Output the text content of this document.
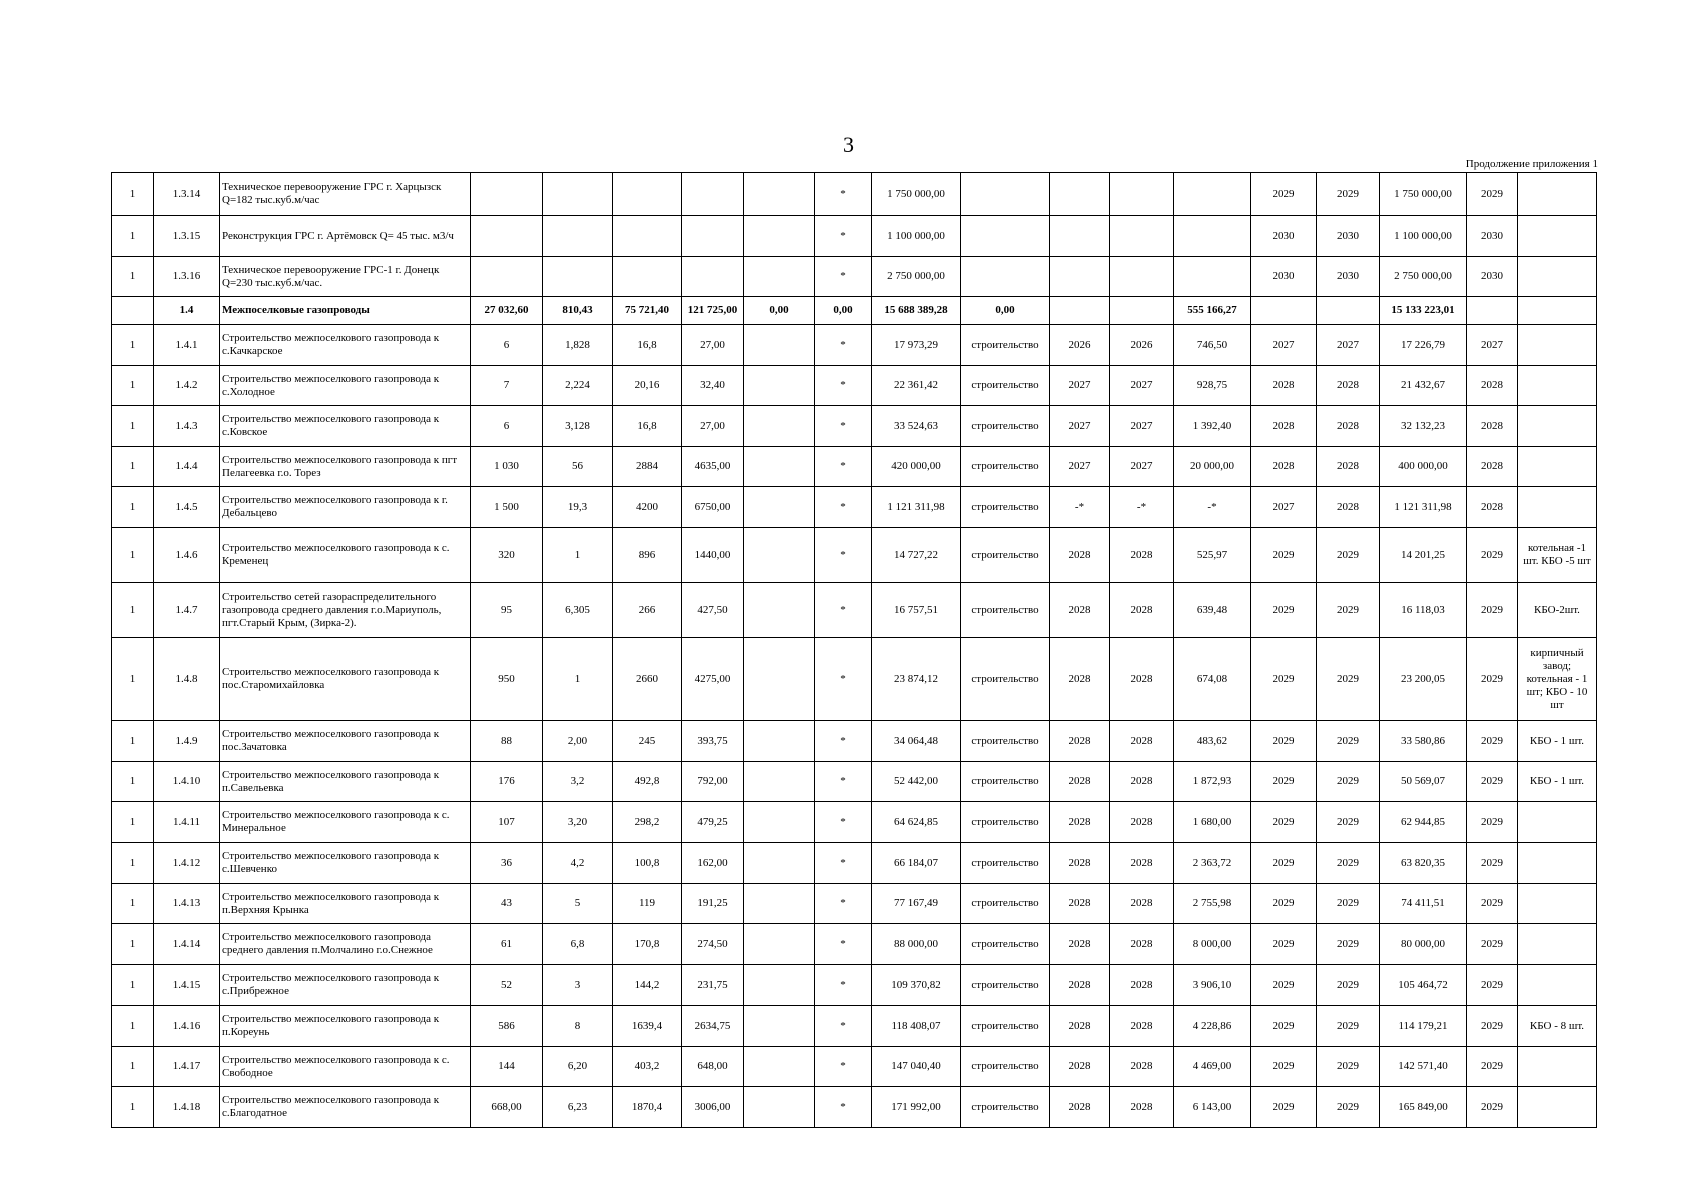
3
Продолжение приложения 1
1	1.3.14	Техническое перевооружение ГРС г. Харцызск Q=182 тыс.куб.м/час						*	1 750 000,00					2029	2029	1 750 000,00	2029	
1	1.3.15	Реконструкция ГРС г. Артёмовск Q= 45 тыс. м3/ч						*	1 100 000,00					2030	2030	1 100 000,00	2030	
1	1.3.16	Техническое перевооружение ГРС-1 г. Донецк Q=230 тыс.куб.м/час.						*	2 750 000,00					2030	2030	2 750 000,00	2030	
	1.4	Межпоселковые газопроводы	27 032,60	810,43	75 721,40	121 725,00	0,00	0,00	15 688 389,28	0,00			555 166,27			15 133 223,01		
1	1.4.1	Строительство межпоселкового газопровода к с.Качкарское	6	1,828	16,8	27,00		*	17 973,29	строительство	2026	2026	746,50	2027	2027	17 226,79	2027	
1	1.4.2	Строительство межпоселкового газопровода к с.Холодное	7	2,224	20,16	32,40		*	22 361,42	строительство	2027	2027	928,75	2028	2028	21 432,67	2028	
1	1.4.3	Строительство межпоселкового газопровода к с.Ковское	6	3,128	16,8	27,00		*	33 524,63	строительство	2027	2027	1 392,40	2028	2028	32 132,23	2028	
1	1.4.4	Строительство межпоселкового газопровода к пгт Пелагеевка г.о. Торез	1 030	56	2884	4635,00		*	420 000,00	строительство	2027	2027	20 000,00	2028	2028	400 000,00	2028	
1	1.4.5	Строительство межпоселкового газопровода к г. Дебальцево	1 500	19,3	4200	6750,00		*	1 121 311,98	строительство	-*	-*	-*	2027	2028	1 121 311,98	2028	
1	1.4.6	Строительство межпоселкового газопровода к с. Кременец	320	1	896	1440,00		*	14 727,22	строительство	2028	2028	525,97	2029	2029	14 201,25	2029	котельная -1 шт. КБО -5 шт
1	1.4.7	Строительство сетей газораспределительного газопровода среднего давления г.о.Мариуполь, пгт.Старый Крым, (Зирка-2).	95	6,305	266	427,50		*	16 757,51	строительство	2028	2028	639,48	2029	2029	16 118,03	2029	КБО-2шт.
1	1.4.8	Строительство межпоселкового газопровода к пос.Старомихайловка	950	1	2660	4275,00		*	23 874,12	строительство	2028	2028	674,08	2029	2029	23 200,05	2029	кирпичный завод; котельная - 1 шт; КБО - 10 шт
1	1.4.9	Строительство межпоселкового газопровода к пос.Зачатовка	88	2,00	245	393,75		*	34 064,48	строительство	2028	2028	483,62	2029	2029	33 580,86	2029	КБО - 1 шт.
1	1.4.10	Строительство межпоселкового газопровода к п.Савельевка	176	3,2	492,8	792,00		*	52 442,00	строительство	2028	2028	1 872,93	2029	2029	50 569,07	2029	КБО - 1 шт.
1	1.4.11	Строительство межпоселкового газопровода к с. Минеральное	107	3,20	298,2	479,25		*	64 624,85	строительство	2028	2028	1 680,00	2029	2029	62 944,85	2029	
1	1.4.12	Строительство межпоселкового газопровода к с.Шевченко	36	4,2	100,8	162,00		*	66 184,07	строительство	2028	2028	2 363,72	2029	2029	63 820,35	2029	
1	1.4.13	Строительство межпоселкового газопровода к п.Верхняя Крынка	43	5	119	191,25		*	77 167,49	строительство	2028	2028	2 755,98	2029	2029	74 411,51	2029	
1	1.4.14	Строительство межпоселкового газопровода среднего давления п.Молчалино г.о.Снежное	61	6,8	170,8	274,50		*	88 000,00	строительство	2028	2028	8 000,00	2029	2029	80 000,00	2029	
1	1.4.15	Строительство межпоселкового газопровода к с.Прибрежное	52	3	144,2	231,75		*	109 370,82	строительство	2028	2028	3 906,10	2029	2029	105 464,72	2029	
1	1.4.16	Строительство межпоселкового газопровода к п.Кореунь	586	8	1639,4	2634,75		*	118 408,07	строительство	2028	2028	4 228,86	2029	2029	114 179,21	2029	КБО - 8 шт.
1	1.4.17	Строительство межпоселкового газопровода к с. Свободное	144	6,20	403,2	648,00		*	147 040,40	строительство	2028	2028	4 469,00	2029	2029	142 571,40	2029	
1	1.4.18	Строительство межпоселкового газопровода к с.Благодатное	668,00	6,23	1870,4	3006,00		*	171 992,00	строительство	2028	2028	6 143,00	2029	2029	165 849,00	2029	
